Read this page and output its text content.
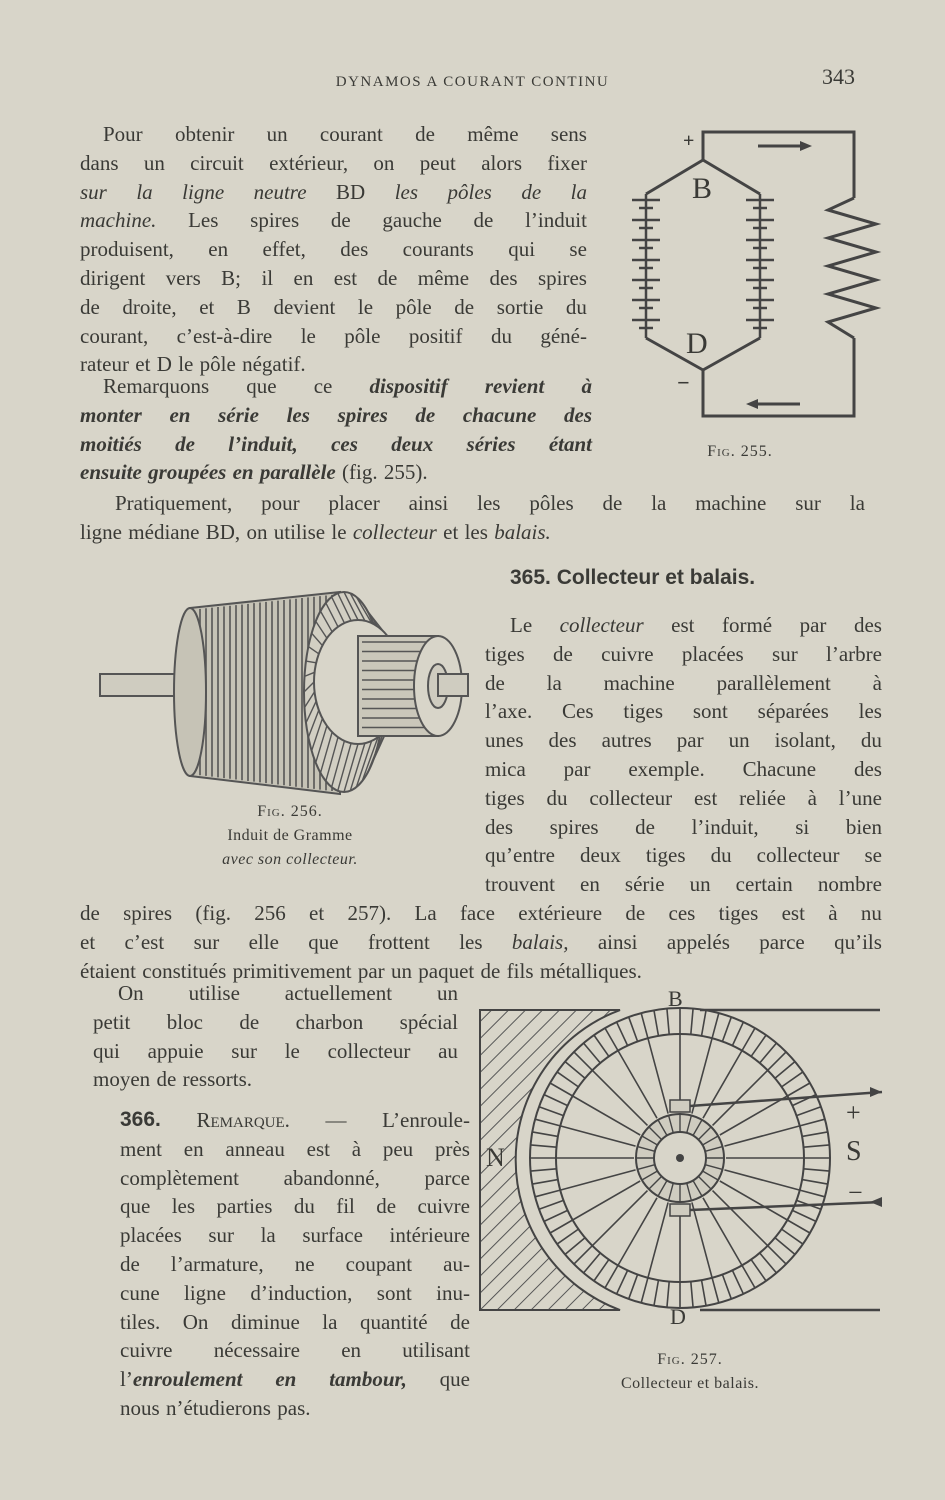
DYNAMOS A COURANT CONTINU	343
Pour obtenir un courant de même sens
dans un circuit extérieur, on peut alors fixer
sur la ligne neutre BD les pôles de la
machine. Les spires de gauche de l’induit
produisent, en effet, des courants qui se
dirigent vers B; il en est de même des spires
de droite, et B devient le pôle de sortie du
courant, c’est-à-dire le pôle positif du géné-
rateur et D le pôle négatif.
Remarquons que ce dispositif revient à
monter en série les spires de chacune des
moitiés de l’induit, ces deux séries étant
ensuite groupées en parallèle (fig. 255).
Pratiquement, pour placer ainsi les pôles de la machine sur la
ligne médiane BD, on utilise le collecteur et les balais.
B
D
+
−
Fig. 255.
365. Collecteur et balais.
Le collecteur est formé par des
tiges de cuivre placées sur l’arbre
de la machine parallèlement à
l’axe. Ces tiges sont séparées les
unes des autres par un isolant, du
mica par exemple. Chacune des
tiges du collecteur est reliée à l’une
des spires de l’induit, si bien
qu’entre deux tiges du collecteur se
trouvent en série un certain nombre
de spires (fig. 256 et 257). La face extérieure de ces tiges est à nu
et c’est sur elle que frottent les balais, ainsi appelés parce qu’ils
étaient constitués primitivement par un paquet de fils métalliques.
On utilise actuellement un
petit bloc de charbon spécial
qui appuie sur le collecteur au
moyen de ressorts.
Fig. 256.
Induit de Gramme
avec son collecteur.
366. Remarque. — L’enroule-
ment en anneau est à peu près
complètement abandonné, parce
que les parties du fil de cuivre
placées sur la surface intérieure
de l’armature, ne coupant au-
cune ligne d’induction, sont inu-
tiles. On diminue la quantité de
cuivre nécessaire en utilisant
l’enroulement en tambour, que
nous n’étudierons pas.
B
D
N	S
+
−
Fig. 257.
Collecteur et balais.
